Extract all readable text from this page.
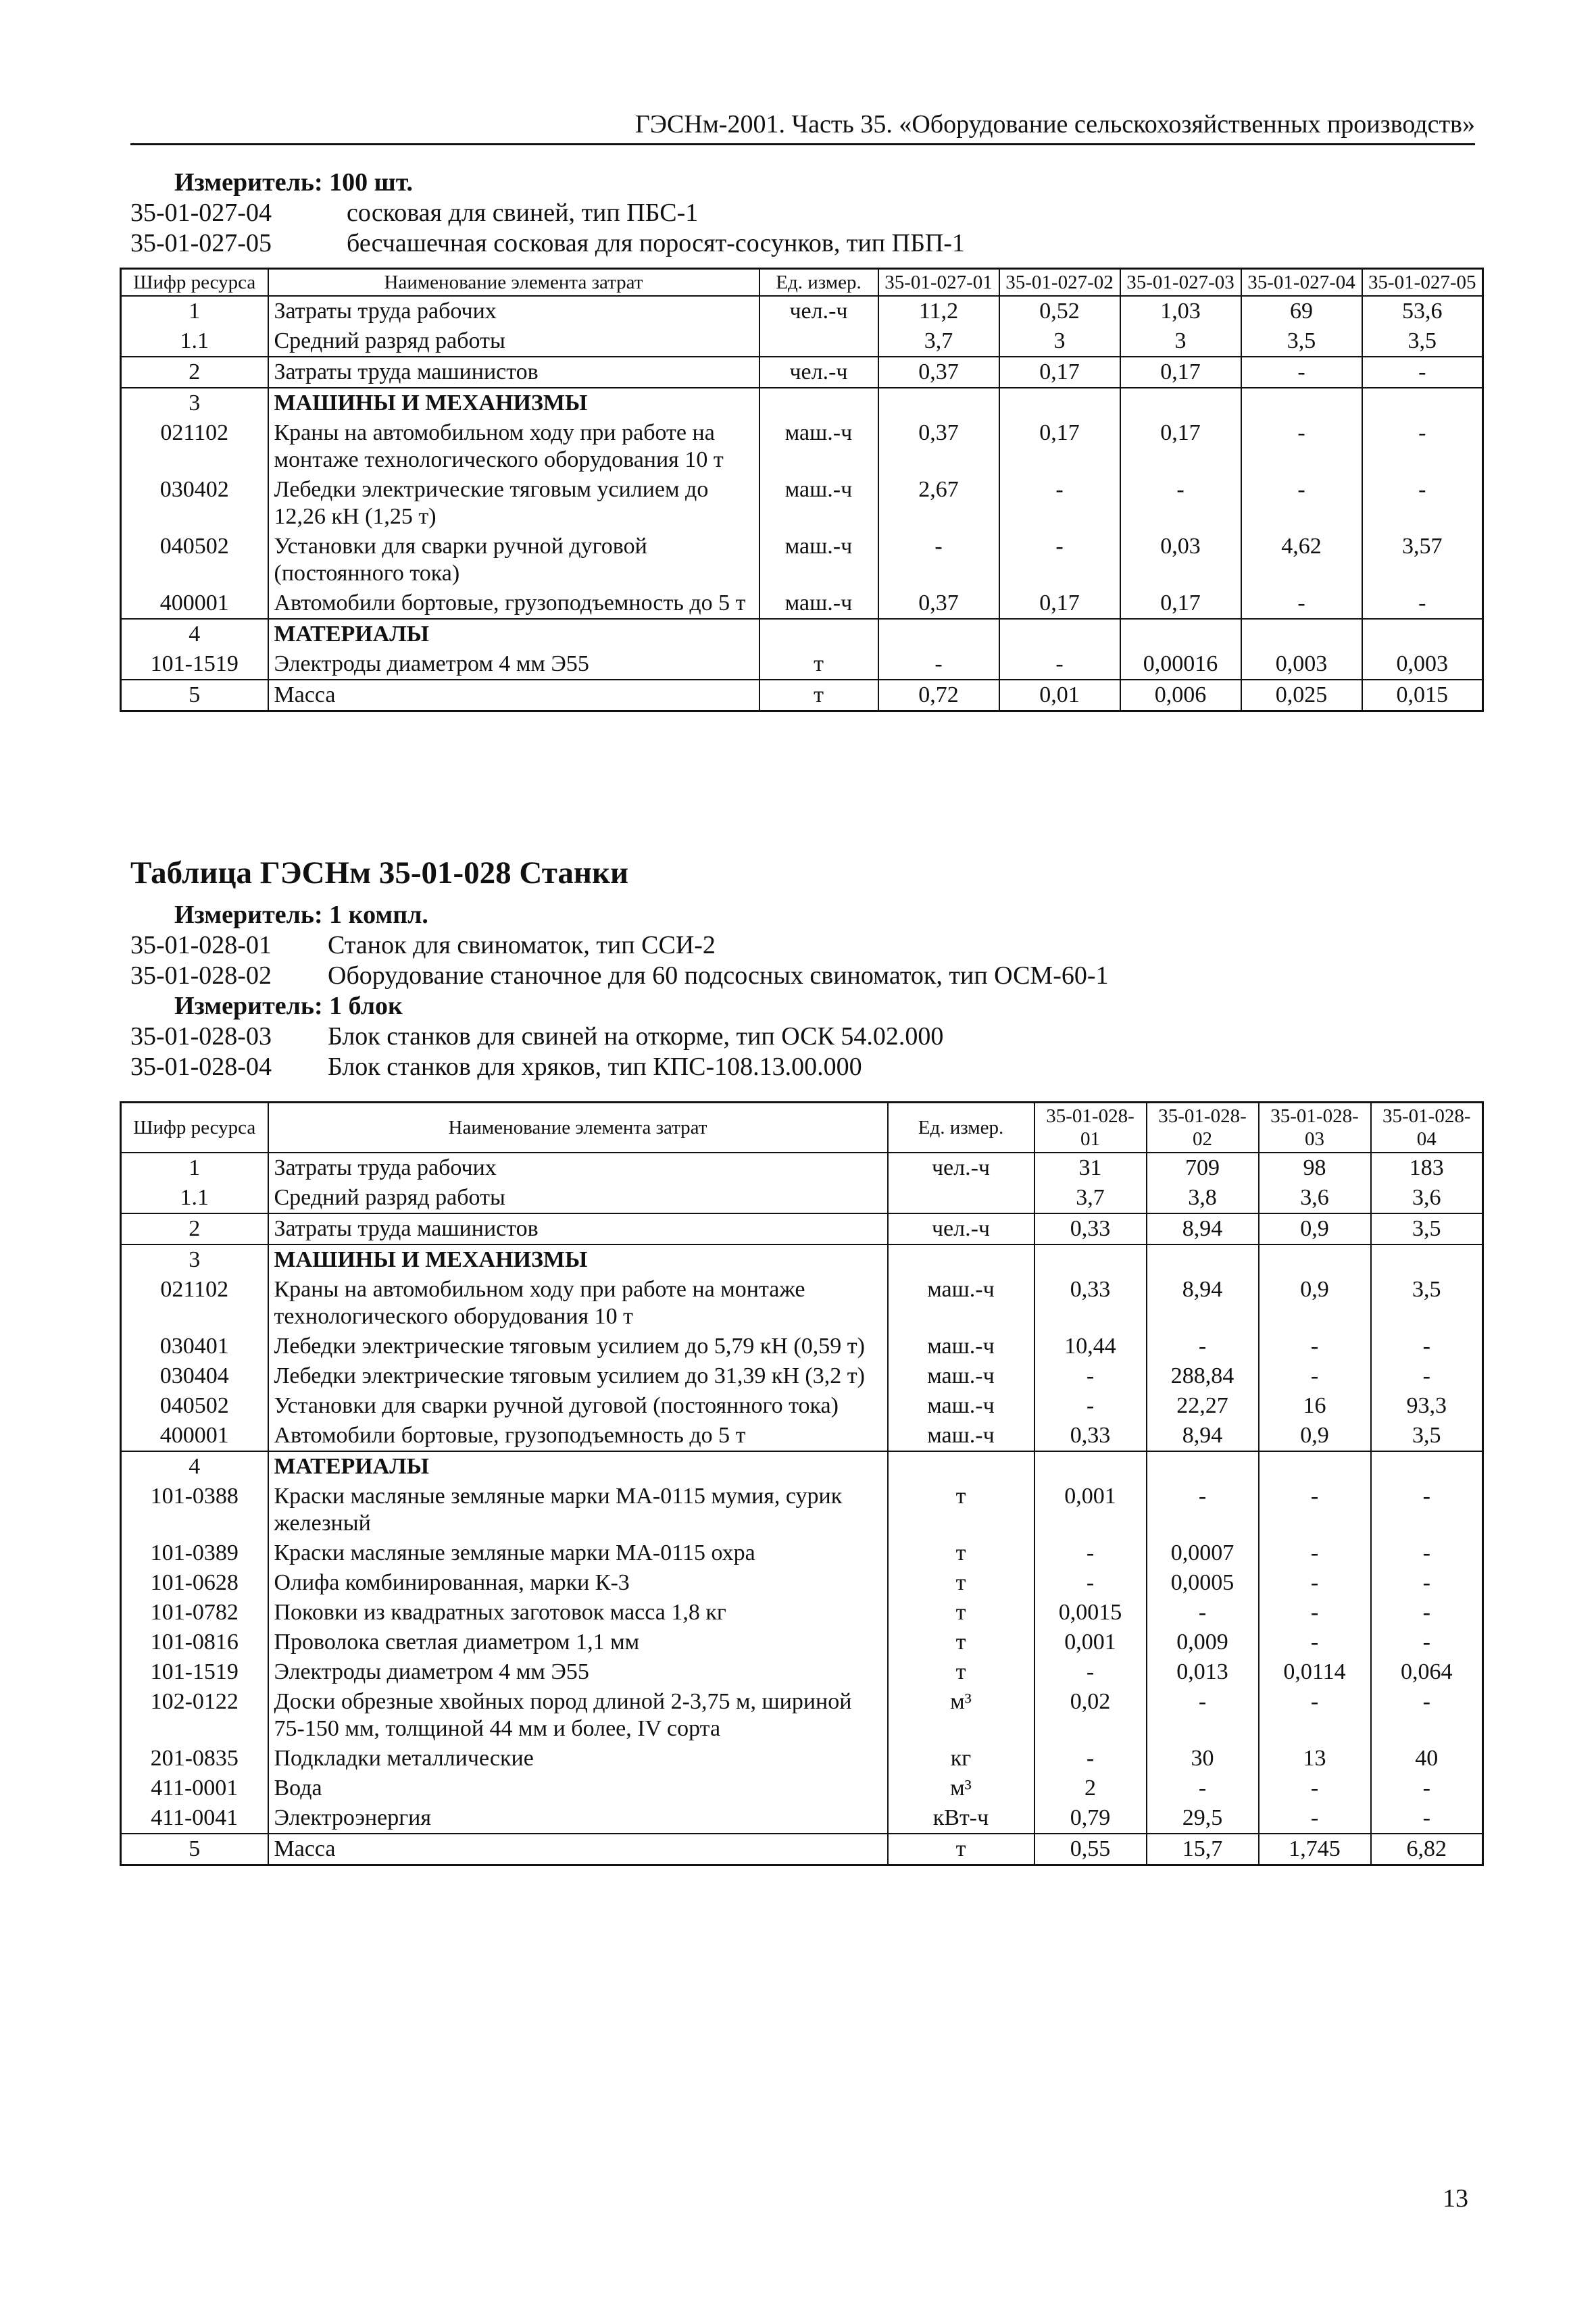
ГЭСНм-2001. Часть 35. «Оборудование сельскохозяйственных производств»
Измеритель: 100 шт.
35-01-027-04	сосковая для свиней, тип ПБС-1
35-01-027-05	бесчашечная сосковая для поросят-сосунков, тип ПБП-1
Шифр ресурса	Наименование элемента затрат	Ед. измер.	35-01-027-01	35-01-027-02	35-01-027-03	35-01-027-04	35-01-027-05
1	Затраты труда рабочих	чел.-ч	11,2	0,52	1,03	69	53,6
1.1	Средний разряд работы		3,7	3	3	3,5	3,5
2	Затраты труда машинистов	чел.-ч	0,37	0,17	0,17	-	-
3	МАШИНЫ И МЕХАНИЗМЫ						
021102	Краны на автомобильном ходу при работе на монтаже технологического оборудования 10 т	маш.-ч	0,37	0,17	0,17	-	-
030402	Лебедки электрические тяговым усилием до 12,26 кН (1,25 т)	маш.-ч	2,67	-	-	-	-
040502	Установки для сварки ручной дуговой (постоянного тока)	маш.-ч	-	-	0,03	4,62	3,57
400001	Автомобили бортовые, грузоподъемность до 5 т	маш.-ч	0,37	0,17	0,17	-	-
4	МАТЕРИАЛЫ						
101-1519	Электроды диаметром 4 мм Э55	т	-	-	0,00016	0,003	0,003
5	Масса	т	0,72	0,01	0,006	0,025	0,015
Таблица ГЭСНм 35-01-028 Станки
Измеритель: 1 компл.
35-01-028-01 Станок для свиноматок, тип ССИ-2
35-01-028-02 Оборудование станочное для 60 подсосных свиноматок, тип ОСМ-60-1
Измеритель: 1 блок
35-01-028-03 Блок станков для свиней на откорме, тип ОСК 54.02.000
35-01-028-04 Блок станков для хряков, тип КПС-108.13.00.000
Шифр ресурса	Наименование элемента затрат	Ед. измер.	35-01-028-01	35-01-028-02	35-01-028-03	35-01-028-04
1	Затраты труда рабочих	чел.-ч	31	709	98	183
1.1	Средний разряд работы		3,7	3,8	3,6	3,6
2	Затраты труда машинистов	чел.-ч	0,33	8,94	0,9	3,5
3	МАШИНЫ И МЕХАНИЗМЫ					
021102	Краны на автомобильном ходу при работе на монтаже технологического оборудования 10 т	маш.-ч	0,33	8,94	0,9	3,5
030401	Лебедки электрические тяговым усилием до 5,79 кН (0,59 т)	маш.-ч	10,44	-	-	-
030404	Лебедки электрические тяговым усилием до 31,39 кН (3,2 т)	маш.-ч	-	288,84	-	-
040502	Установки для сварки ручной дуговой (постоянного тока)	маш.-ч	-	22,27	16	93,3
400001	Автомобили бортовые, грузоподъемность до 5 т	маш.-ч	0,33	8,94	0,9	3,5
4	МАТЕРИАЛЫ					
101-0388	Краски масляные земляные марки МА-0115 мумия, сурик железный	т	0,001	-	-	-
101-0389	Краски масляные земляные марки МА-0115 охра	т	-	0,0007	-	-
101-0628	Олифа комбинированная, марки К-3	т	-	0,0005	-	-
101-0782	Поковки из квадратных заготовок масса 1,8 кг	т	0,0015	-	-	-
101-0816	Проволока светлая диаметром 1,1 мм	т	0,001	0,009	-	-
101-1519	Электроды диаметром 4 мм Э55	т	-	0,013	0,0114	0,064
102-0122	Доски обрезные хвойных пород длиной 2-3,75 м, шириной 75-150 мм, толщиной 44 мм и более, IV сорта	м³	0,02	-	-	-
201-0835	Подкладки металлические	кг	-	30	13	40
411-0001	Вода	м³	2	-	-	-
411-0041	Электроэнергия	кВт-ч	0,79	29,5	-	-
5	Масса	т	0,55	15,7	1,745	6,82
13
